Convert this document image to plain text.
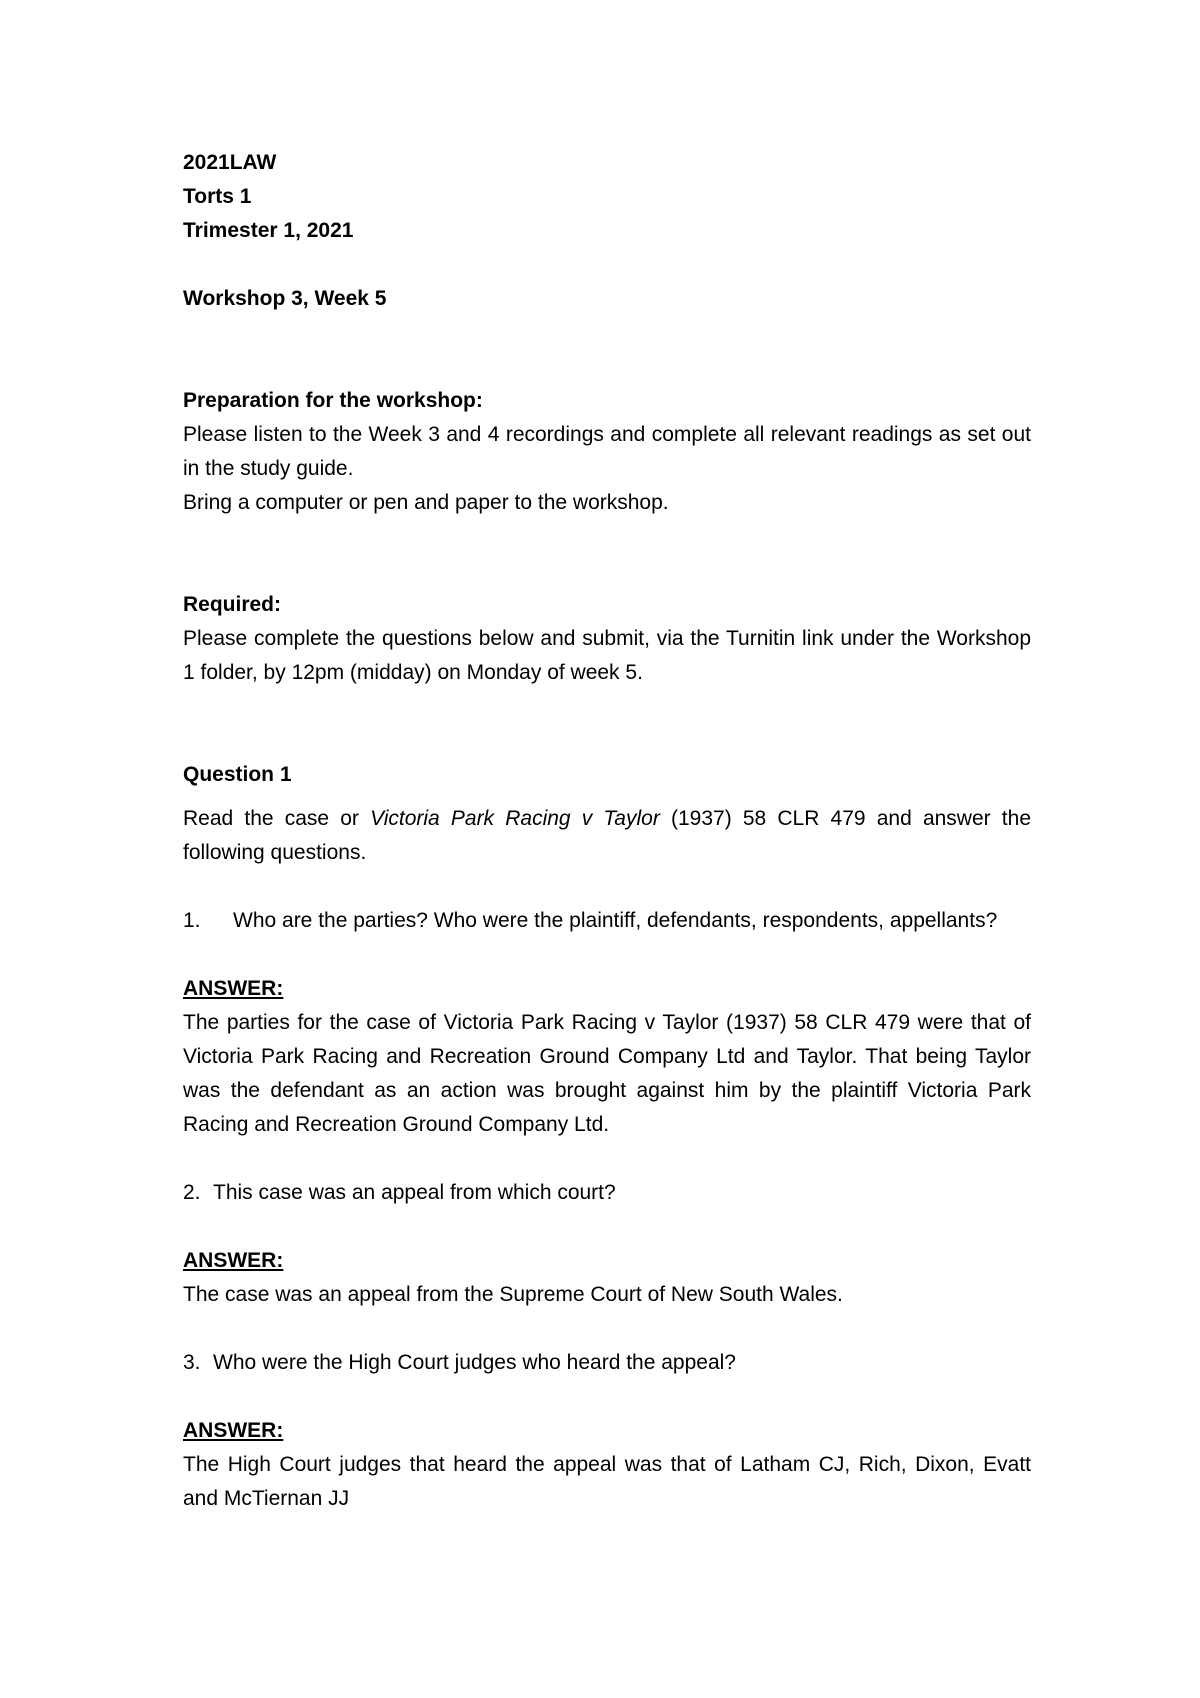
2021LAW
Torts 1
Trimester 1, 2021
Workshop 3, Week 5
Preparation for the workshop:

Please listen to the Week 3 and 4 recordings and complete all relevant readings as set out in the study guide.

Bring a computer or pen and paper to the workshop.

Required:

Please complete the questions below and submit, via the Turnitin link under the Workshop 1 folder, by 12pm (midday) on Monday of week 5.

Question 1

Read the case or Victoria Park Racing v Taylor (1937) 58 CLR 479 and answer the following questions.

1.	Who are the parties? Who were the plaintiff, defendants, respondents, appellants?
ANSWER:

The parties for the case of Victoria Park Racing v Taylor (1937) 58 CLR 479 were that of Victoria Park Racing and Recreation Ground Company Ltd and Taylor. That being Taylor was the defendant as an action was brought against him by the plaintiff Victoria Park Racing and Recreation Ground Company Ltd.

2. This case was an appeal from which court?
ANSWER:

The case was an appeal from the Supreme Court of New South Wales.

3. Who were the High Court judges who heard the appeal?
ANSWER:

The High Court judges that heard the appeal was that of Latham CJ, Rich, Dixon, Evatt and McTiernan JJ
